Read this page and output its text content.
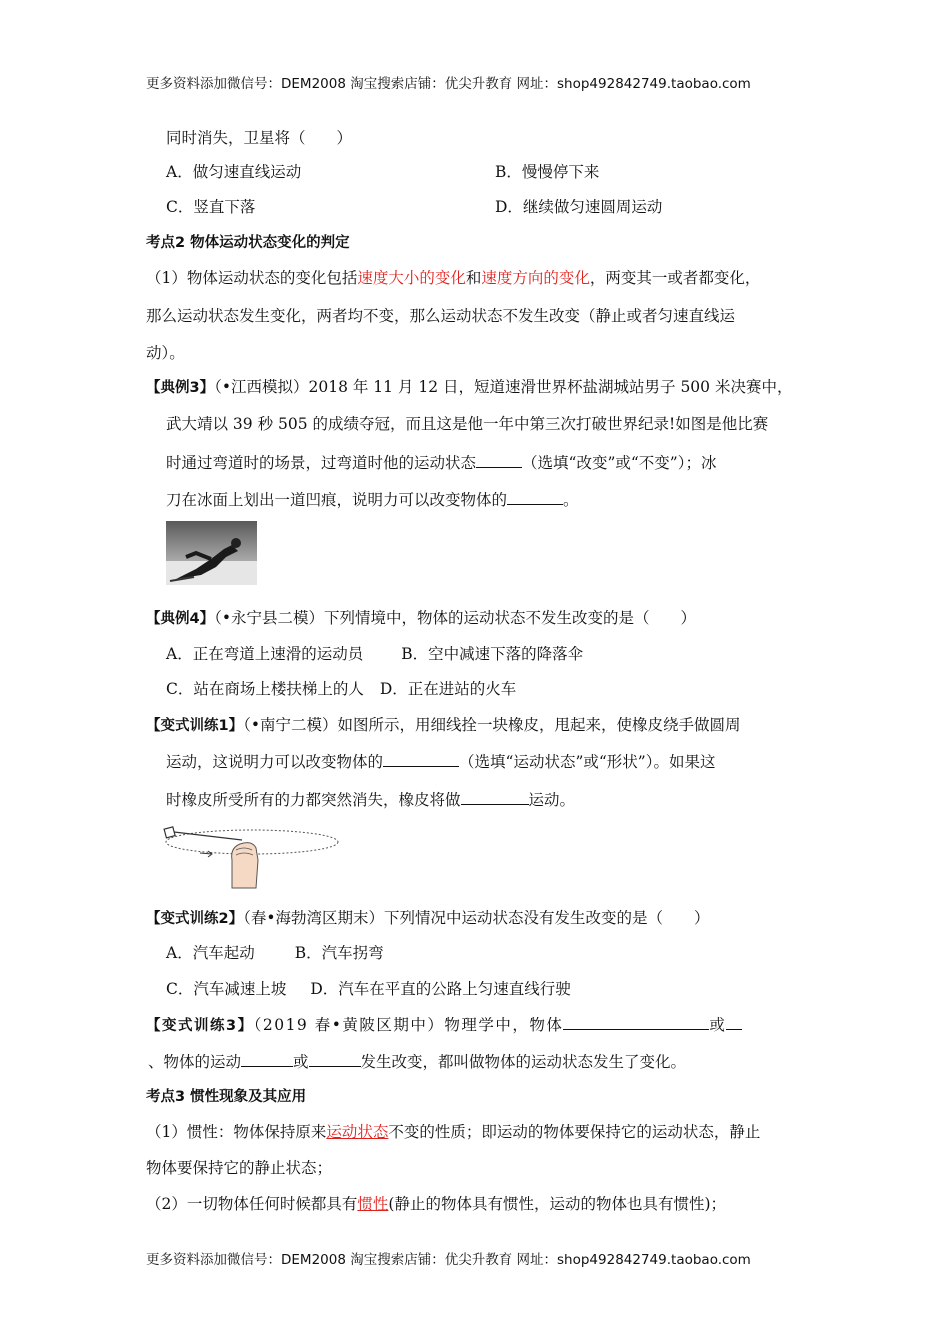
更多资料添加微信号：DEM2008 淘宝搜索店铺：优尖升教育 网址：shop492842749.taobao.com
同时消失，卫星将（　　）
A．做匀速直线运动	B．慢慢停下来
C．竖直下落	D．继续做匀速圆周运动
考点2 物体运动状态变化的判定
（1）物体运动状态的变化包括速度大小的变化和速度方向的变化，两变其一或者都变化，
那么运动状态发生变化，两者均不变，那么运动状态不发生改变（静止或者匀速直线运
动）。
【典例3】（•江西模拟）2018 年 11 月 12 日，短道速滑世界杯盐湖城站男子 500 米决赛中，
武大靖以 39 秒 505 的成绩夺冠，而且这是他一年中第三次打破世界纪录!如图是他比赛
时通过弯道时的场景，过弯道时他的运动状态	（选填“改变”或“不变”）；冰
刀在冰面上划出一道凹痕，说明力可以改变物体的	。
【典例4】（•永宁县二模）下列情境中，物体的运动状态不发生改变的是（　　）
A．正在弯道上速滑的运动员 B．空中减速下落的降落伞
C．站在商场上楼扶梯上的人 D．正在进站的火车
【变式训练1】（•南宁二模）如图所示，用细线拴一块橡皮，甩起来，使橡皮绕手做圆周
运动，这说明力可以改变物体的	（选填“运动状态”或“形状”）。如果这
时橡皮所受所有的力都突然消失，橡皮将做	运动。
【变式训练2】（春•海勃湾区期末）下列情况中运动状态没有发生改变的是（　　）
A．汽车起动	B．汽车拐弯
C．汽车减速上坡 D．汽车在平直的公路上匀速直线行驶
【变式训练3】（2019 春•黄陂区期中）物理学中，物体	或
、物体的运动	或	发生改变，都叫做物体的运动状态发生了变化。
考点3 惯性现象及其应用
（1）惯性：物体保持原来运动状态不变的性质；即运动的物体要保持它的运动状态，静止
物体要保持它的静止状态；
（2）一切物体任何时候都具有惯性(静止的物体具有惯性，运动的物体也具有惯性)；
更多资料添加微信号：DEM2008 淘宝搜索店铺：优尖升教育 网址：shop492842749.taobao.com
